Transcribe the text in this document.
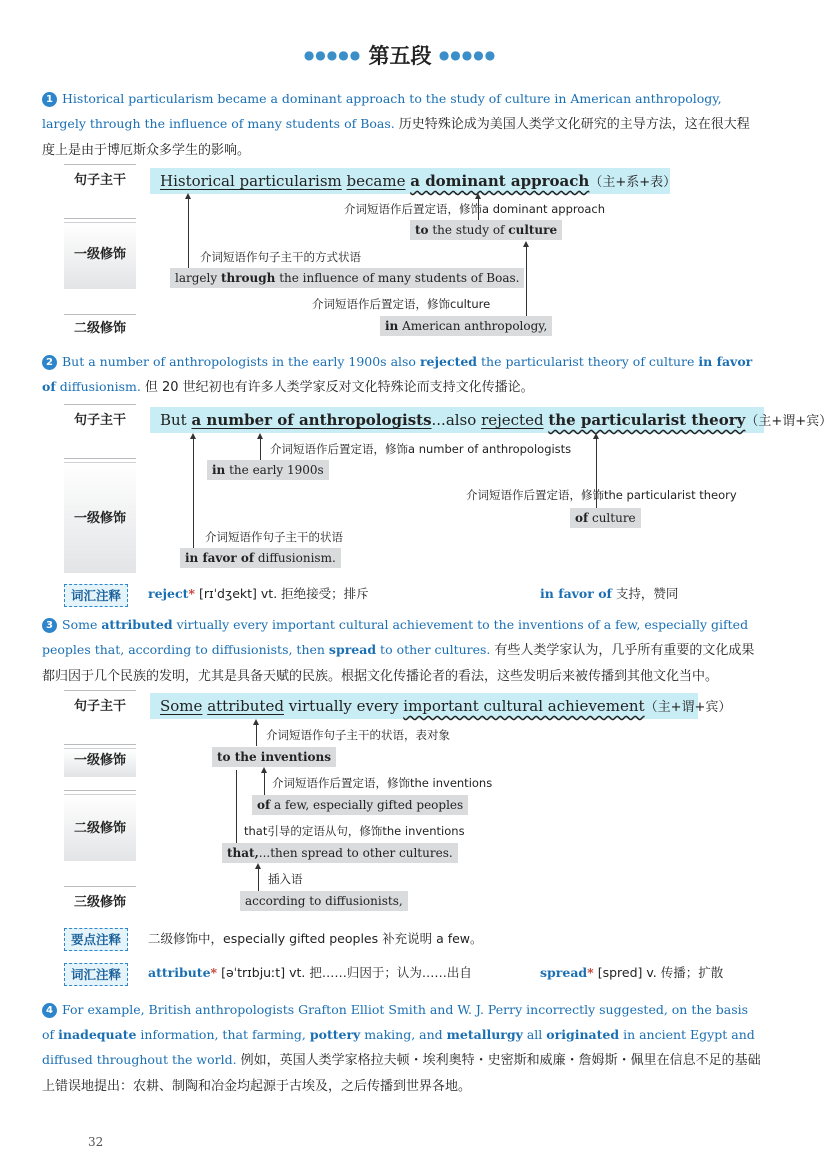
●●●●● 第五段 ●●●●●
1 Historical particularism became a dominant approach to the study of culture in American anthropology, largely through the influence of many students of Boas. 历史特殊论成为美国人类学文化研究的主导方法，这在很大程度上是由于博厄斯众多学生的影响。
句子主干
一级修饰
二级修饰
Historical particularism became a dominant approach（主+系+表）
介词短语作后置定语，修饰a dominant approach
to the study of culture
介词短语作句子主干的方式状语
largely through the influence of many students of Boas.
介词短语作后置定语，修饰culture
in American anthropology,
2 But a number of anthropologists in the early 1900s also rejected the particularist theory of culture in favor of diffusionism. 但 20 世纪初也有许多人类学家反对文化特殊论而支持文化传播论。
句子主干
一级修饰
But a number of anthropologists...also rejected the particularist theory（主+谓+宾）
介词短语作后置定语，修饰a number of anthropologists
in the early 1900s
介词短语作后置定语，修饰the particularist theory
of culture
介词短语作句子主干的状语
in favor of diffusionism.
词汇注释	reject* [rɪˈdʒekt] vt. 拒绝接受；排斥	in favor of 支持，赞同
3 Some attributed virtually every important cultural achievement to the inventions of a few, especially gifted peoples that, according to diffusionists, then spread to other cultures. 有些人类学家认为，几乎所有重要的文化成果都归因于几个民族的发明，尤其是具备天赋的民族。根据文化传播论者的看法，这些发明后来被传播到其他文化当中。
句子主干
一级修饰
二级修饰
三级修饰
Some attributed virtually every important cultural achievement（主+谓+宾）
介词短语作句子主干的状语，表对象
to the inventions
介词短语作后置定语，修饰the inventions
of a few, especially gifted peoples
that引导的定语从句，修饰the inventions
that,...then spread to other cultures.
插入语
according to diffusionists,
要点注释	二级修饰中，especially gifted peoples 补充说明 a few。
词汇注释	attribute* [əˈtrɪbjuːt] vt. 把……归因于；认为……出自	spread* [spred] v. 传播；扩散
4 For example, British anthropologists Grafton Elliot Smith and W. J. Perry incorrectly suggested, on the basis of inadequate information, that farming, pottery making, and metallurgy all originated in ancient Egypt and diffused throughout the world. 例如，英国人类学家格拉夫顿・埃利奥特・史密斯和威廉・詹姆斯・佩里在信息不足的基础上错误地提出：农耕、制陶和冶金均起源于古埃及，之后传播到世界各地。
32
